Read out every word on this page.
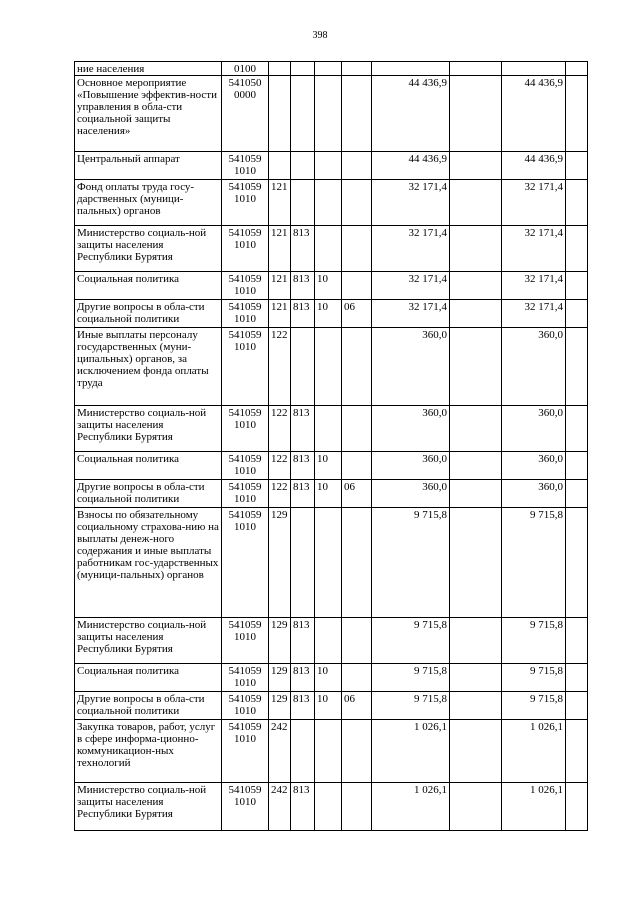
398
ние населения	0100								
Основное мероприятие «Повышение эффектив-ности управления в обла-сти социальной защиты населения»	541050 0000					44 436,9		44 436,9	
Центральный аппарат	541059 1010					44 436,9		44 436,9	
Фонд оплаты труда госу-дарственных (муници-пальных) органов	541059 1010	121				32 171,4		32 171,4	
Министерство социаль-ной защиты населения Республики Бурятия	541059 1010	121	813			32 171,4		32 171,4	
Социальная политика	541059 1010	121	813	10		32 171,4		32 171,4	
Другие вопросы в обла-сти социальной политики	541059 1010	121	813	10	06	32 171,4		32 171,4	
Иные выплаты персоналу государственных (муни-ципальных) органов, за исключением фонда оплаты труда	541059 1010	122				360,0		360,0	
Министерство социаль-ной защиты населения Республики Бурятия	541059 1010	122	813			360,0		360,0	
Социальная политика	541059 1010	122	813	10		360,0		360,0	
Другие вопросы в обла-сти социальной политики	541059 1010	122	813	10	06	360,0		360,0	
Взносы по обязательному социальному страхова-нию на выплаты денеж-ного содержания и иные выплаты работникам гос-ударственных (муници-пальных) органов	541059 1010	129				9 715,8		9 715,8	
Министерство социаль-ной защиты населения Республики Бурятия	541059 1010	129	813			9 715,8		9 715,8	
Социальная политика	541059 1010	129	813	10		9 715,8		9 715,8	
Другие вопросы в обла-сти социальной политики	541059 1010	129	813	10	06	9 715,8		9 715,8	
Закупка товаров, работ, услуг в сфере информа-ционно-коммуникацион-ных технологий	541059 1010	242				1 026,1		1 026,1	
Министерство социаль-ной защиты населения Республики Бурятия	541059 1010	242	813			1 026,1		1 026,1	
